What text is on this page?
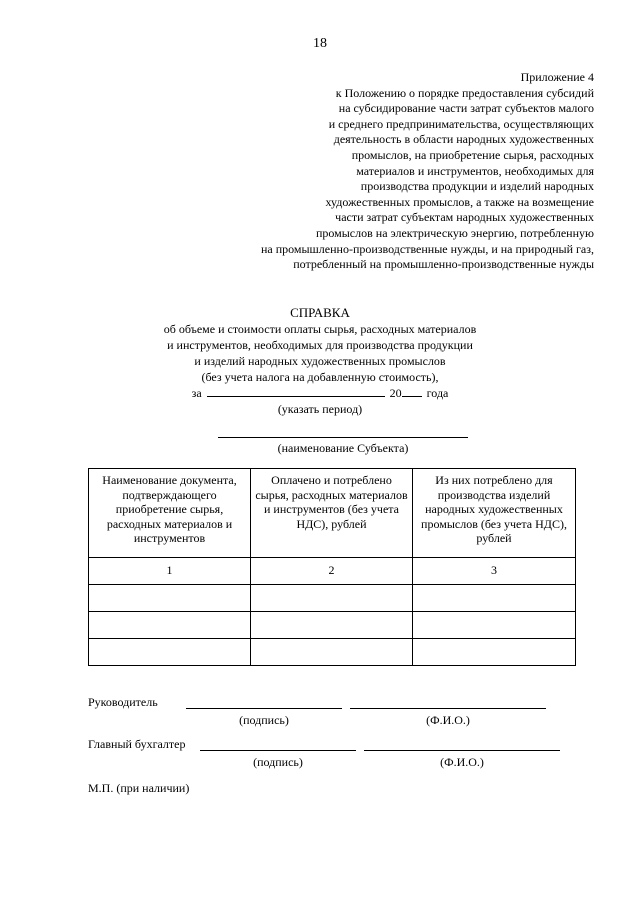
18
Приложение 4
к Положению о порядке предоставления субсидий
на субсидирование части затрат субъектов малого
и среднего предпринимательства, осуществляющих
деятельность в области народных художественных
промыслов, на приобретение сырья, расходных
материалов и инструментов, необходимых для
производства продукции и изделий народных
художественных промыслов, а также на возмещение
части затрат субъектам народных художественных
промыслов на электрическую энергию, потребленную
на промышленно-производственные нужды, и на природный газ,
потребленный на промышленно-производственные нужды
СПРАВКА
об объеме и стоимости оплаты сырья, расходных материалов
и инструментов, необходимых для производства продукции
и изделий народных художественных промыслов
(без учета налога на добавленную стоимость),
за	20 года
(указать период)
(наименование Субъекта)
Наименование документа, подтверждающего приобретение сырья, расходных материалов и инструментов	Оплачено и потреблено сырья, расходных материалов и инструментов (без учета НДС), рублей	Из них потреблено для производства изделий народных художественных промыслов (без учета НДС), рублей
1	2	3

Руководитель
(подпись)	(Ф.И.О.)
Главный бухгалтер
(подпись)	(Ф.И.О.)
М.П. (при наличии)
